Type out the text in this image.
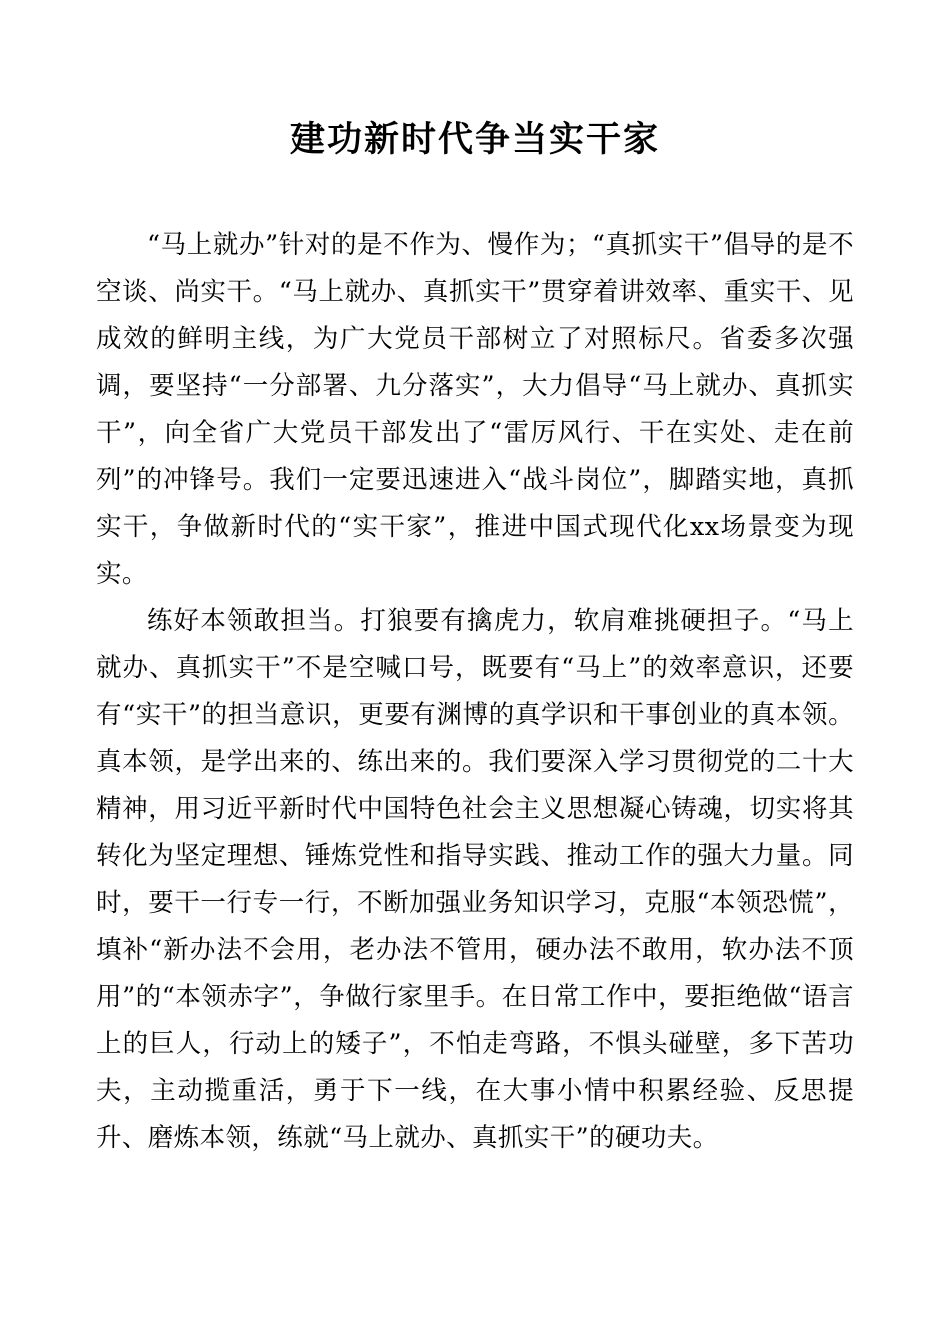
建功新时代争当实干家

“马上就办”针对的是不作为、慢作为；“真抓实干”倡导的是不空谈、尚实干。“马上就办、真抓实干”贯穿着讲效率、重实干、见成效的鲜明主线，为广大党员干部树立了对照标尺。省委多次强调，要坚持“一分部署、九分落实”，大力倡导“马上就办、真抓实干”，向全省广大党员干部发出了“雷厉风行、干在实处、走在前列”的冲锋号。我们一定要迅速进入“战斗岗位”，脚踏实地，真抓实干，争做新时代的“实干家”，推进中国式现代化xx场景变为现实。

练好本领敢担当。打狼要有擒虎力，软肩难挑硬担子。“马上就办、真抓实干”不是空喊口号，既要有“马上”的效率意识，还要有“实干”的担当意识，更要有渊博的真学识和干事创业的真本领。真本领，是学出来的、练出来的。我们要深入学习贯彻党的二十大精神，用习近平新时代中国特色社会主义思想凝心铸魂，切实将其转化为坚定理想、锤炼党性和指导实践、推动工作的强大力量。同时，要干一行专一行，不断加强业务知识学习，克服“本领恐慌”，填补“新办法不会用，老办法不管用，硬办法不敢用，软办法不顶用”的“本领赤字”，争做行家里手。在日常工作中，要拒绝做“语言上的巨人，行动上的矮子”，不怕走弯路，不惧头碰壁，多下苦功夫，主动揽重活，勇于下一线，在大事小情中积累经验、反思提升、磨炼本领，练就“马上就办、真抓实干”的硬功夫。
